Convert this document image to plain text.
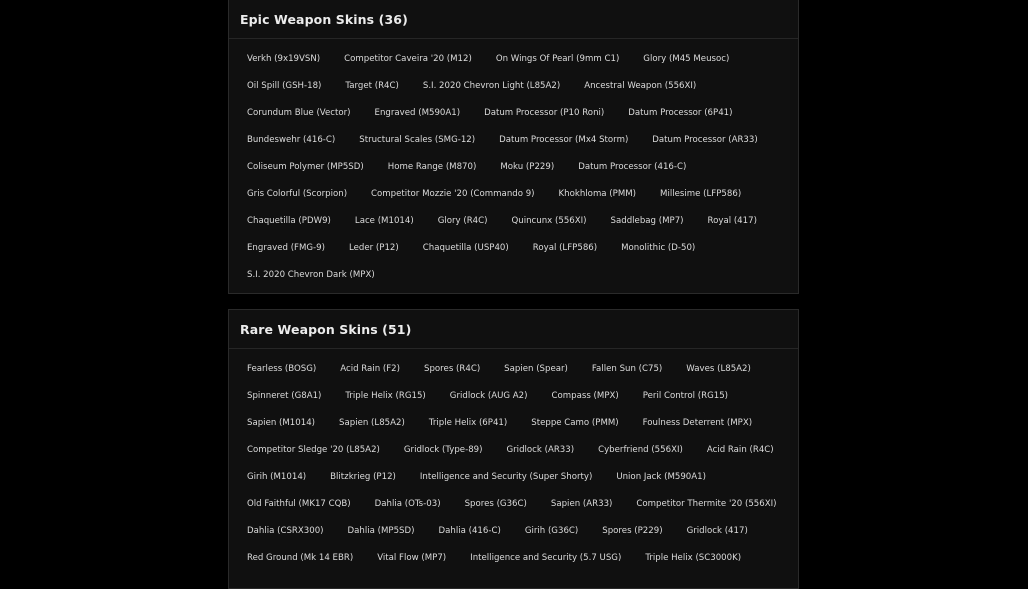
Epic Weapon Skins (36)
Verkh (9x19VSN)	Competitor Caveira '20 (M12)	On Wings Of Pearl (9mm C1)	Glory (M45 Meusoc)
Oil Spill (GSH-18)	Target (R4C)	S.I. 2020 Chevron Light (L85A2)	Ancestral Weapon (556XI)
Corundum Blue (Vector)	Engraved (M590A1)	Datum Processor (P10 Roni)	Datum Processor (6P41)
Bundeswehr (416-C)	Structural Scales (SMG-12)	Datum Processor (Mx4 Storm)	Datum Processor (AR33)
Coliseum Polymer (MP5SD)	Home Range (M870)	Moku (P229)	Datum Processor (416-C)
Gris Colorful (Scorpion)	Competitor Mozzie '20 (Commando 9)	Khokhloma (PMM)	Millesime (LFP586)
Chaquetilla (PDW9)	Lace (M1014)	Glory (R4C)	Quincunx (556XI)	Saddlebag (MP7)	Royal (417)
Engraved (FMG-9)	Leder (P12)	Chaquetilla (USP40)	Royal (LFP586)	Monolithic (D-50)
S.I. 2020 Chevron Dark (MPX)
Rare Weapon Skins (51)
Fearless (BOSG)	Acid Rain (F2)	Spores (R4C)	Sapien (Spear)	Fallen Sun (C75)	Waves (L85A2)
Spinneret (G8A1)	Triple Helix (RG15)	Gridlock (AUG A2)	Compass (MPX)	Peril Control (RG15)
Sapien (M1014)	Sapien (L85A2)	Triple Helix (6P41)	Steppe Camo (PMM)	Foulness Deterrent (MPX)
Competitor Sledge '20 (L85A2)	Gridlock (Type-89)	Gridlock (AR33)	Cyberfriend (556XI)	Acid Rain (R4C)
Girih (M1014)	Blitzkrieg (P12)	Intelligence and Security (Super Shorty)	Union Jack (M590A1)
Old Faithful (MK17 CQB)	Dahlia (OTs-03)	Spores (G36C)	Sapien (AR33)	Competitor Thermite '20 (556XI)
Dahlia (CSRX300)	Dahlia (MP5SD)	Dahlia (416-C)	Girih (G36C)	Spores (P229)	Gridlock (417)
Red Ground (Mk 14 EBR)	Vital Flow (MP7)	Intelligence and Security (5.7 USG)	Triple Helix (SC3000K)
